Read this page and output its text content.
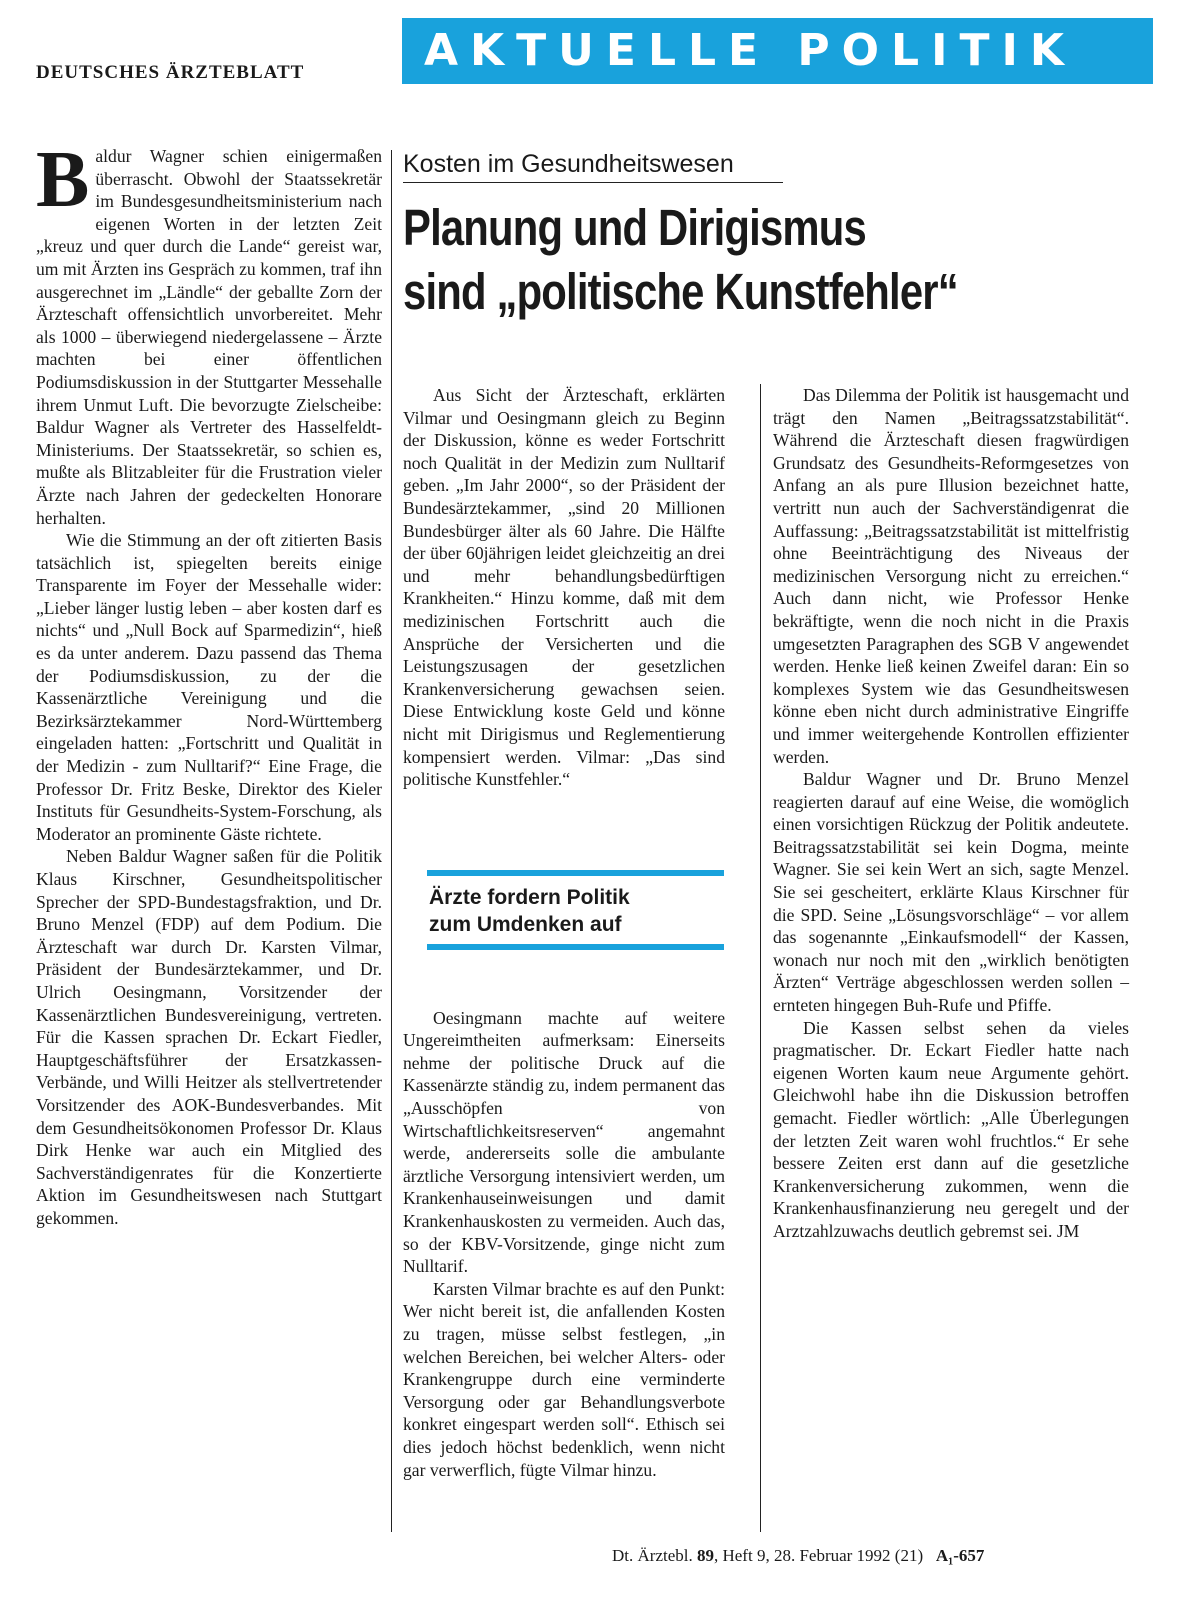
DEUTSCHES ÄRZTEBLATT	AKTUELLE POLITIK
B aldur Wagner schien einigermaßen überrascht. Obwohl der Staatssekretär im Bundesgesundheitsministerium nach eigenen Worten in der letzten Zeit „kreuz und quer durch die Lande“ gereist war, um mit Ärzten ins Gespräch zu kommen, traf ihn ausgerechnet im „Ländle“ der geballte Zorn der Ärzteschaft offensichtlich unvorbereitet. Mehr als 1000 – überwiegend niedergelassene – Ärzte machten bei einer öffentlichen Podiumsdiskussion in der Stuttgarter Messehalle ihrem Unmut Luft. Die bevorzugte Zielscheibe: Baldur Wagner als Vertreter des Hasselfeldt-Ministeriums. Der Staatssekretär, so schien es, mußte als Blitzableiter für die Frustration vieler Ärzte nach Jahren der gedeckelten Honorare herhalten.

Wie die Stimmung an der oft zitierten Basis tatsächlich ist, spiegelten bereits einige Transparente im Foyer der Messehalle wider: „Lieber länger lustig leben – aber kosten darf es nichts“ und „Null Bock auf Sparmedizin“, hieß es da unter anderem. Dazu passend das Thema der Podiumsdiskussion, zu der die Kassenärztliche Vereinigung und die Bezirksärztekammer Nord-Württemberg eingeladen hatten: „Fortschritt und Qualität in der Medizin - zum Nulltarif?“ Eine Frage, die Professor Dr. Fritz Beske, Direktor des Kieler Instituts für Gesundheits-System-Forschung, als Moderator an prominente Gäste richtete.

Neben Baldur Wagner saßen für die Politik Klaus Kirschner, Gesundheitspolitischer Sprecher der SPD-Bundestagsfraktion, und Dr. Bruno Menzel (FDP) auf dem Podium. Die Ärzteschaft war durch Dr. Karsten Vilmar, Präsident der Bundesärztekammer, und Dr. Ulrich Oesingmann, Vorsitzender der Kassenärztlichen Bundesvereinigung, vertreten. Für die Kassen sprachen Dr. Eckart Fiedler, Hauptgeschäftsführer der Ersatzkassen-Verbände, und Willi Heitzer als stellvertretender Vorsitzender des AOK-Bundesverbandes. Mit dem Gesundheitsökonomen Professor Dr. Klaus Dirk Henke war auch ein Mitglied des Sachverständigenrates für die Konzertierte Aktion im Gesundheitswesen nach Stuttgart gekommen.

Kosten im Gesundheitswesen
Planung und Dirigismus
sind „politische Kunstfehler“

Aus Sicht der Ärzteschaft, erklärten Vilmar und Oesingmann gleich zu Beginn der Diskussion, könne es weder Fortschritt noch Qualität in der Medizin zum Nulltarif geben. „Im Jahr 2000“, so der Präsident der Bundesärztekammer, „sind 20 Millionen Bundesbürger älter als 60 Jahre. Die Hälfte der über 60jährigen leidet gleichzeitig an drei und mehr behandlungsbedürftigen Krankheiten.“ Hinzu komme, daß mit dem medizinischen Fortschritt auch die Ansprüche der Versicherten und die Leistungszusagen der gesetzlichen Krankenversicherung gewachsen seien. Diese Entwicklung koste Geld und könne nicht mit Dirigismus und Reglementierung kompensiert werden. Vilmar: „Das sind politische Kunstfehler.“

Oesingmann machte auf weitere Ungereimtheiten aufmerksam: Einerseits nehme der politische Druck auf die Kassenärzte ständig zu, indem permanent das „Ausschöpfen von Wirtschaftlichkeitsreserven“ angemahnt werde, andererseits solle die ambulante ärztliche Versorgung intensiviert werden, um Krankenhauseinweisungen und damit Krankenhauskosten zu vermeiden. Auch das, so der KBV-Vorsitzende, ginge nicht zum Nulltarif.

Karsten Vilmar brachte es auf den Punkt: Wer nicht bereit ist, die anfallenden Kosten zu tragen, müsse selbst festlegen, „in welchen Bereichen, bei welcher Alters- oder Krankengruppe durch eine verminderte Versorgung oder gar Behandlungsverbote konkret eingespart werden soll“. Ethisch sei dies jedoch höchst bedenklich, wenn nicht gar verwerflich, fügte Vilmar hinzu.

Ärzte fordern Politik
zum Umdenken auf

Das Dilemma der Politik ist hausgemacht und trägt den Namen „Beitragssatzstabilität“. Während die Ärzteschaft diesen fragwürdigen Grundsatz des Gesundheits-Reformgesetzes von Anfang an als pure Illusion bezeichnet hatte, vertritt nun auch der Sachverständigenrat die Auffassung: „Beitragssatzstabilität ist mittelfristig ohne Beeinträchtigung des Niveaus der medizinischen Versorgung nicht zu erreichen.“ Auch dann nicht, wie Professor Henke bekräftigte, wenn die noch nicht in die Praxis umgesetzten Paragraphen des SGB V angewendet werden. Henke ließ keinen Zweifel daran: Ein so komplexes System wie das Gesundheitswesen könne eben nicht durch administrative Eingriffe und immer weitergehende Kontrollen effizienter werden.

Baldur Wagner und Dr. Bruno Menzel reagierten darauf auf eine Weise, die womöglich einen vorsichtigen Rückzug der Politik andeutete. Beitragssatzstabilität sei kein Dogma, meinte Wagner. Sie sei kein Wert an sich, sagte Menzel. Sie sei gescheitert, erklärte Klaus Kirschner für die SPD. Seine „Lösungsvorschläge“ – vor allem das sogenannte „Einkaufsmodell“ der Kassen, wonach nur noch mit den „wirklich benötigten Ärzten“ Verträge abgeschlossen werden sollen – ernteten hingegen Buh-Rufe und Pfiffe.

Die Kassen selbst sehen da vieles pragmatischer. Dr. Eckart Fiedler hatte nach eigenen Worten kaum neue Argumente gehört. Gleichwohl habe ihn die Diskussion betroffen gemacht. Fiedler wörtlich: „Alle Überlegungen der letzten Zeit waren wohl fruchtlos.“ Er sehe bessere Zeiten erst dann auf die gesetzliche Krankenversicherung zukommen, wenn die Krankenhausfinanzierung neu geregelt und der Arztzahlzuwachs deutlich gebremst sei. JM

Dt. Ärztebl. 89, Heft 9, 28. Februar 1992 (21) A₁-657
